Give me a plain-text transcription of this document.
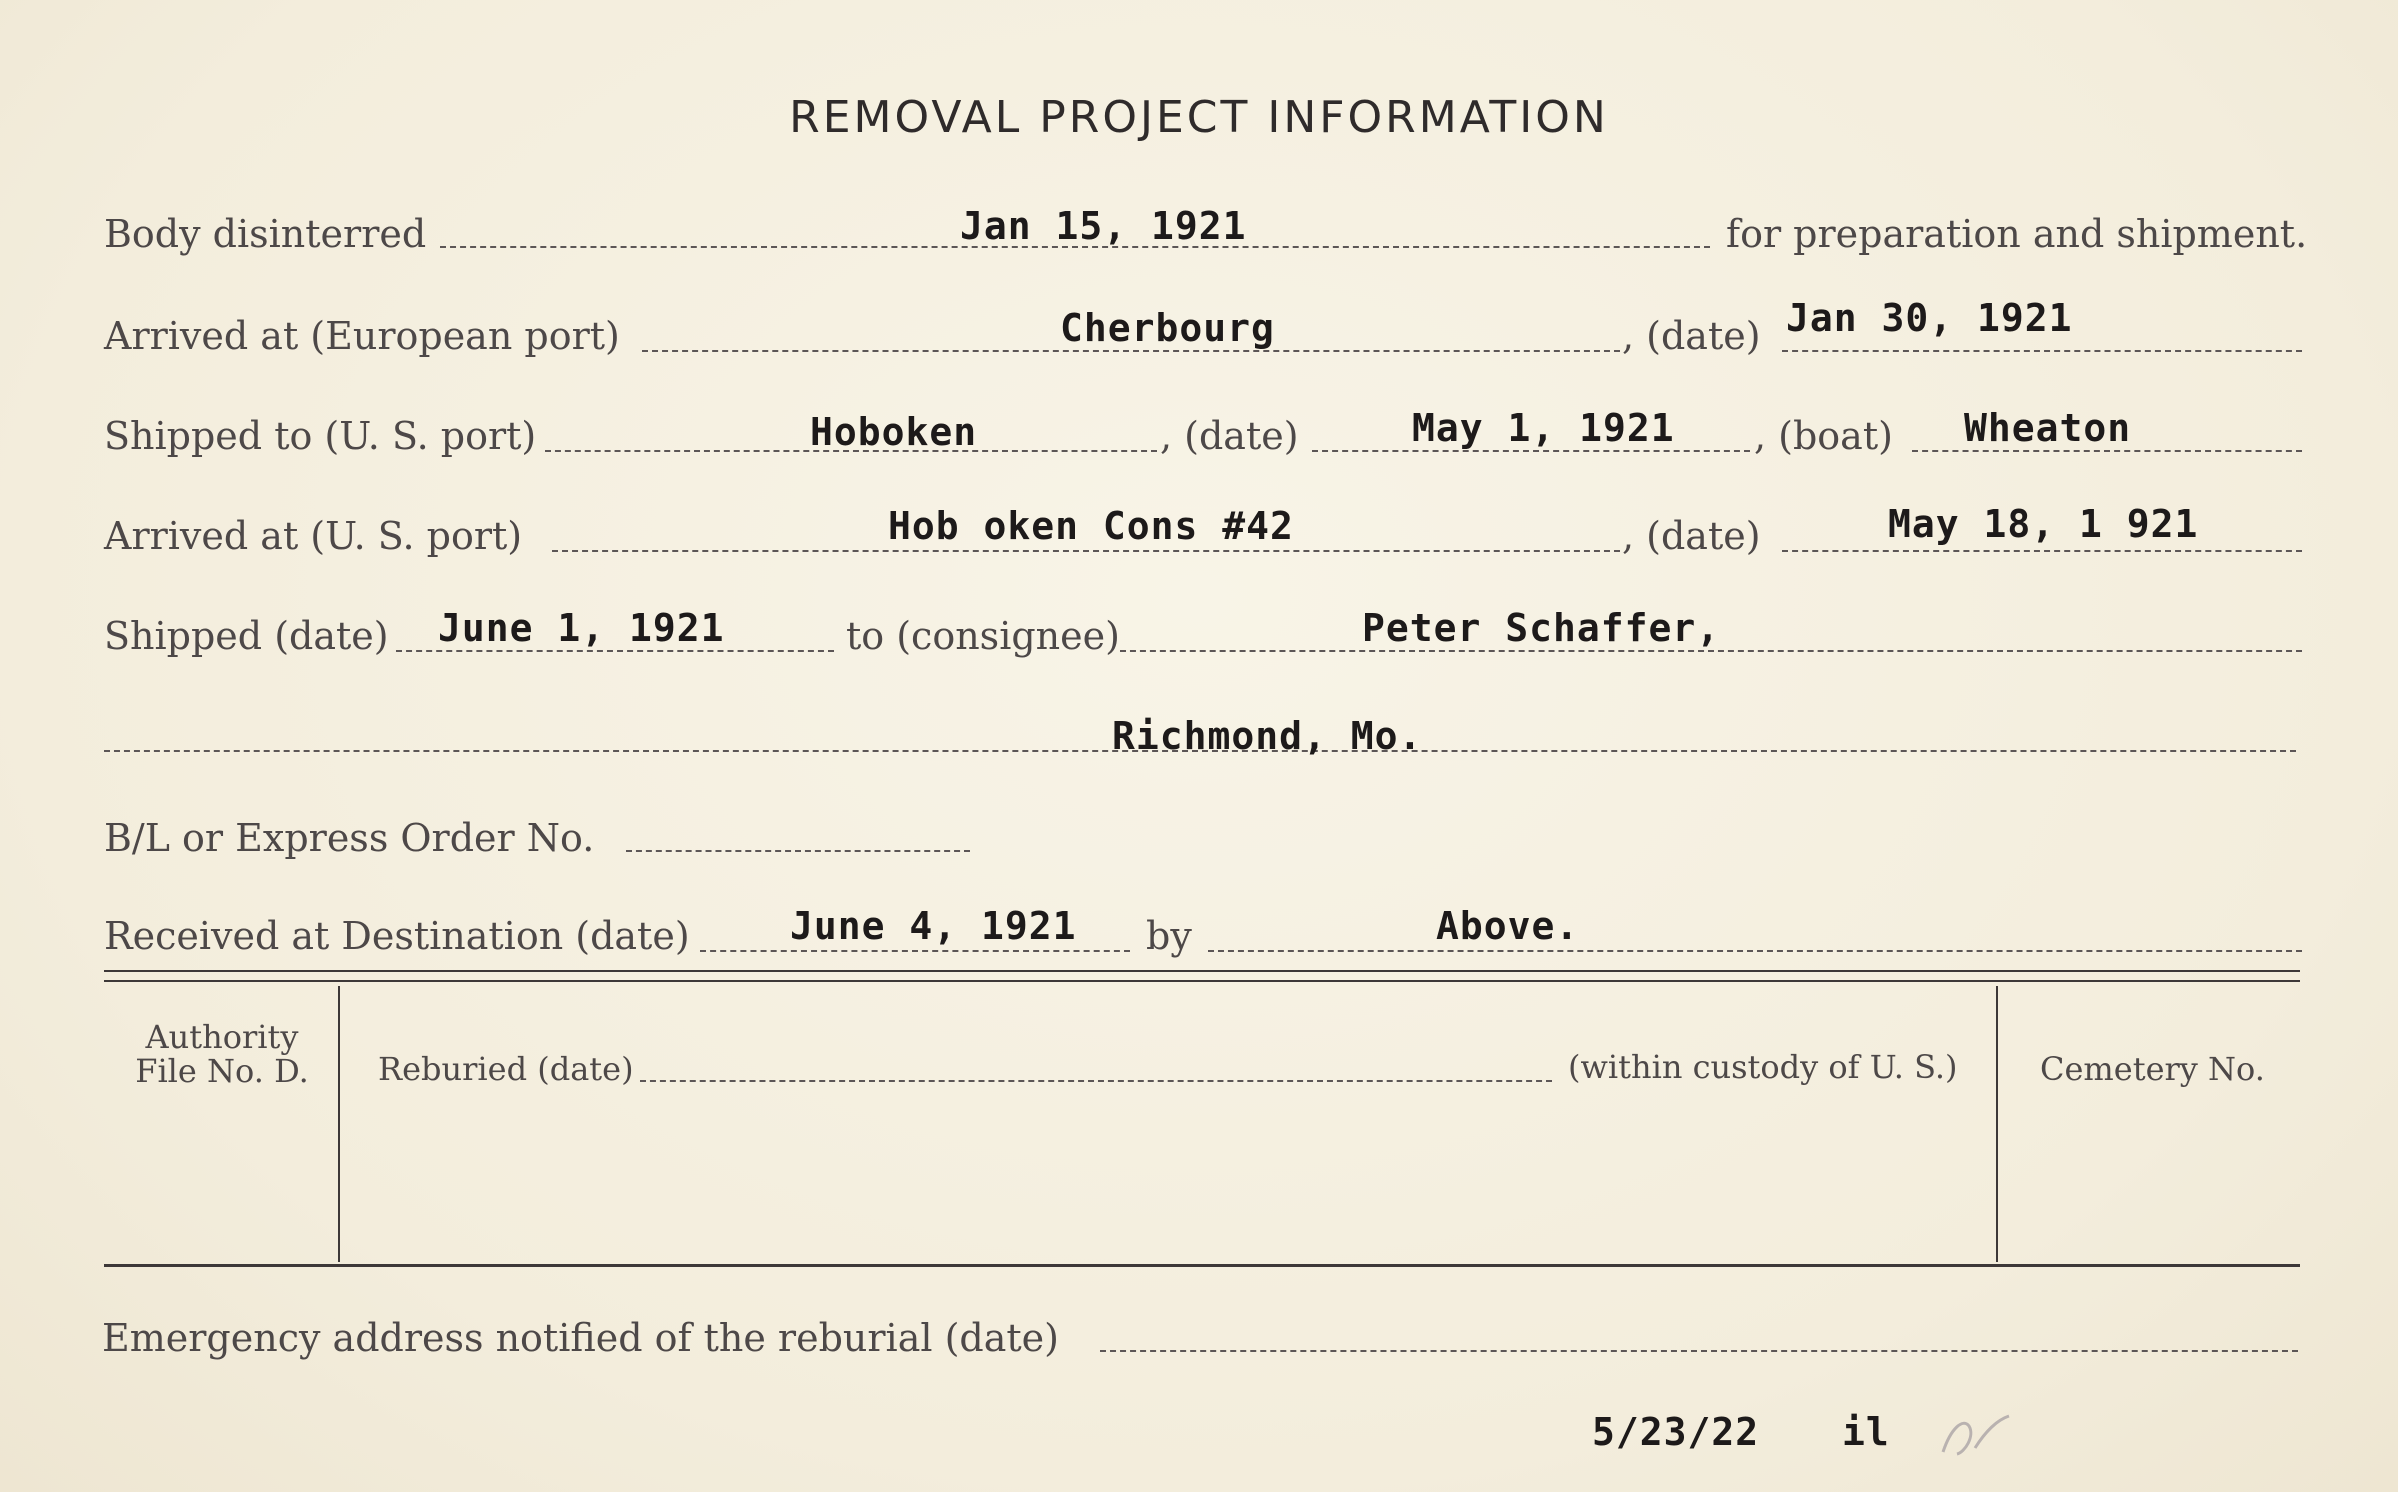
REMOVAL PROJECT INFORMATION
Body disinterred	Jan 15, 1921	for preparation and shipment.
Arrived at (European port)	Cherbourg	, (date) Jan 30, 1921
Shipped to (U. S. port)	Hoboken	, (date)	May 1, 1921 , (boat) Wheaton
Arrived at (U. S. port)	Hob oken Cons #42	, (date)	May 18, 1 921
Shipped (date) June 1, 1921	to (consignee)	Peter Schaffer,
Richmond, Mo.
B/L or Express Order No.
Received at Destination (date)	June 4, 1921 by	Above.
Authority
File No. D.	Reburied (date)	(within custody of U. S.)	Cemetery No.
Emergency address notified of the reburial (date)
5/23/22 il
